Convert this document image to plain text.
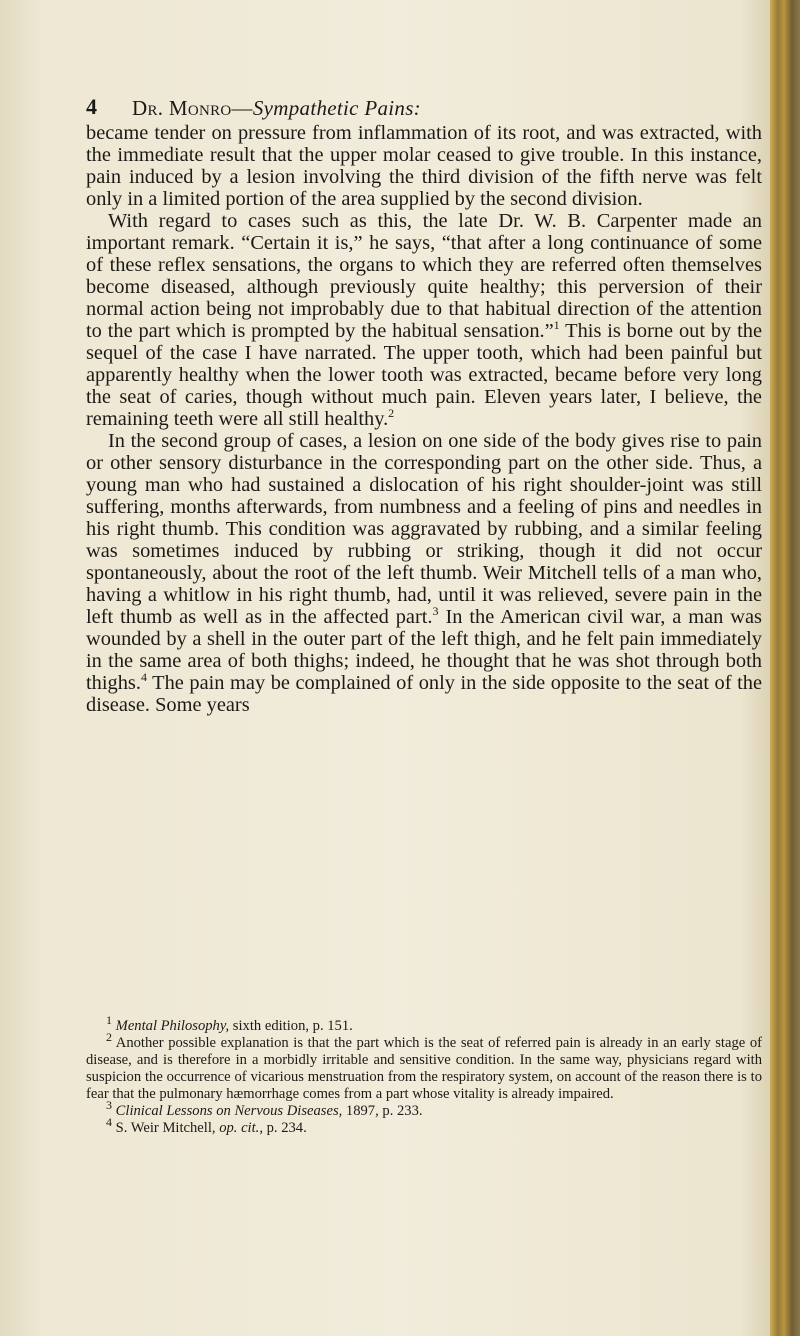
4 Dr. Monro—Sympathetic Pains:

became tender on pressure from inflammation of its root, and was extracted, with the immediate result that the upper molar ceased to give trouble. In this instance, pain induced by a lesion involving the third division of the fifth nerve was felt only in a limited portion of the area supplied by the second division.

With regard to cases such as this, the late Dr. W. B. Carpenter made an important remark. “Certain it is,” he says, “that after a long continuance of some of these reflex sensations, the organs to which they are referred often themselves become diseased, although previously quite healthy; this perversion of their normal action being not improbably due to that habitual direction of the attention to the part which is prompted by the habitual sensation.”$^1$ This is borne out by the sequel of the case I have narrated. The upper tooth, which had been painful but apparently healthy when the lower tooth was extracted, became before very long the seat of caries, though without much pain. Eleven years later, I believe, the remaining teeth were all still healthy.$^2$

In the second group of cases, a lesion on one side of the body gives rise to pain or other sensory disturbance in the corresponding part on the other side. Thus, a young man who had sustained a dislocation of his right shoulder-joint was still suffering, months afterwards, from numbness and a feeling of pins and needles in his right thumb. This condition was aggravated by rubbing, and a similar feeling was sometimes induced by rubbing or striking, though it did not occur spontaneously, about the root of the left thumb. Weir Mitchell tells of a man who, having a whitlow in his right thumb, had, until it was relieved, severe pain in the left thumb as well as in the affected part.$^3$ In the American civil war, a man was wounded by a shell in the outer part of the left thigh, and he felt pain immediately in the same area of both thighs; indeed, he thought that he was shot through both thighs.$^4$ The pain may be complained of only in the side opposite to the seat of the disease. Some years

$^1$ Mental Philosophy, sixth edition, p. 151.

$^2$ Another possible explanation is that the part which is the seat of referred pain is already in an early stage of disease, and is therefore in a morbidly irritable and sensitive condition. In the same way, physicians regard with suspicion the occurrence of vicarious menstruation from the respiratory system, on account of the reason there is to fear that the pulmonary hæmorrhage comes from a part whose vitality is already impaired.

$^3$ Clinical Lessons on Nervous Diseases, 1897, p. 233.

$^4$ S. Weir Mitchell, op. cit., p. 234.
